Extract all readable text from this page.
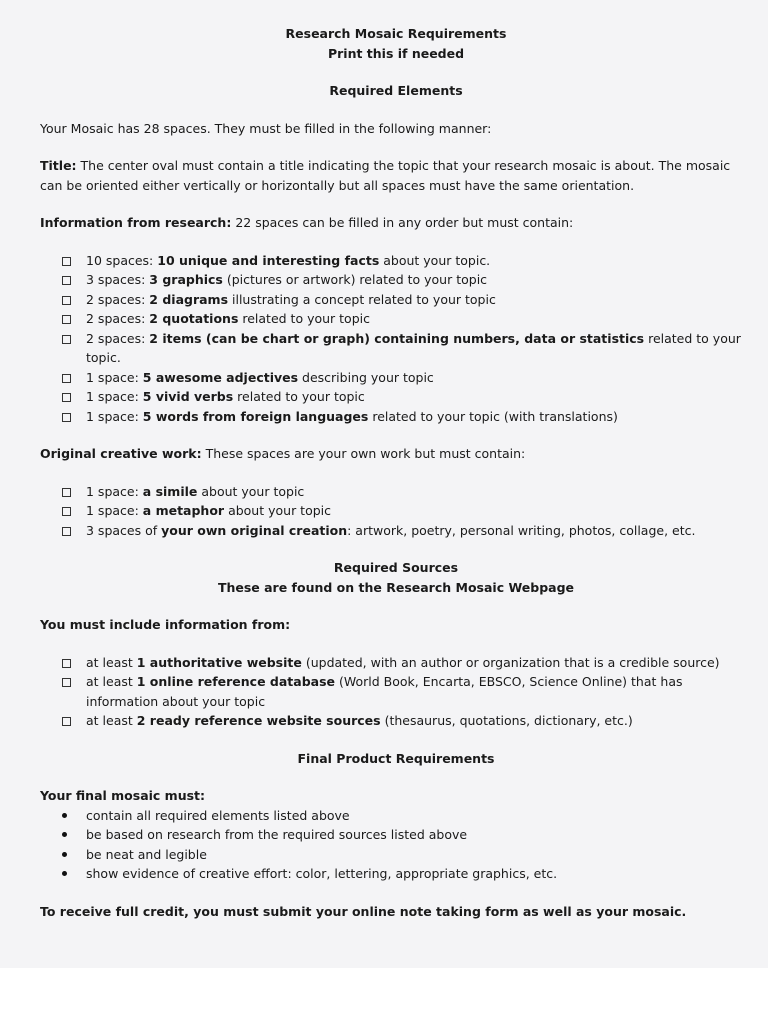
Research Mosaic Requirements

Print this if needed

Required Elements

Your Mosaic has 28 spaces. They must be filled in the following manner:

Title: The center oval must contain a title indicating the topic that your research mosaic is about. The mosaic can be oriented either vertically or horizontally but all spaces must have the same orientation.

Information from research: 22 spaces can be filled in any order but must contain:

10 spaces: 10 unique and interesting facts about your topic.
3 spaces: 3 graphics (pictures or artwork) related to your topic
2 spaces: 2 diagrams illustrating a concept related to your topic
2 spaces: 2 quotations related to your topic
2 spaces: 2 items (can be chart or graph) containing numbers, data or statistics related to your topic.
1 space: 5 awesome adjectives describing your topic
1 space: 5 vivid verbs related to your topic
1 space: 5 words from foreign languages related to your topic (with translations)

Original creative work: These spaces are your own work but must contain:

1 space: a simile about your topic
1 space: a metaphor about your topic
3 spaces of your own original creation: artwork, poetry, personal writing, photos, collage, etc.

Required Sources

These are found on the Research Mosaic Webpage

You must include information from:

at least 1 authoritative website (updated, with an author or organization that is a credible source)
at least 1 online reference database (World Book, Encarta, EBSCO, Science Online) that has information about your topic
at least 2 ready reference website sources (thesaurus, quotations, dictionary, etc.)

Final Product Requirements

Your final mosaic must:

contain all required elements listed above
be based on research from the required sources listed above
be neat and legible
show evidence of creative effort: color, lettering, appropriate graphics, etc.

To receive full credit, you must submit your online note taking form as well as your mosaic.
